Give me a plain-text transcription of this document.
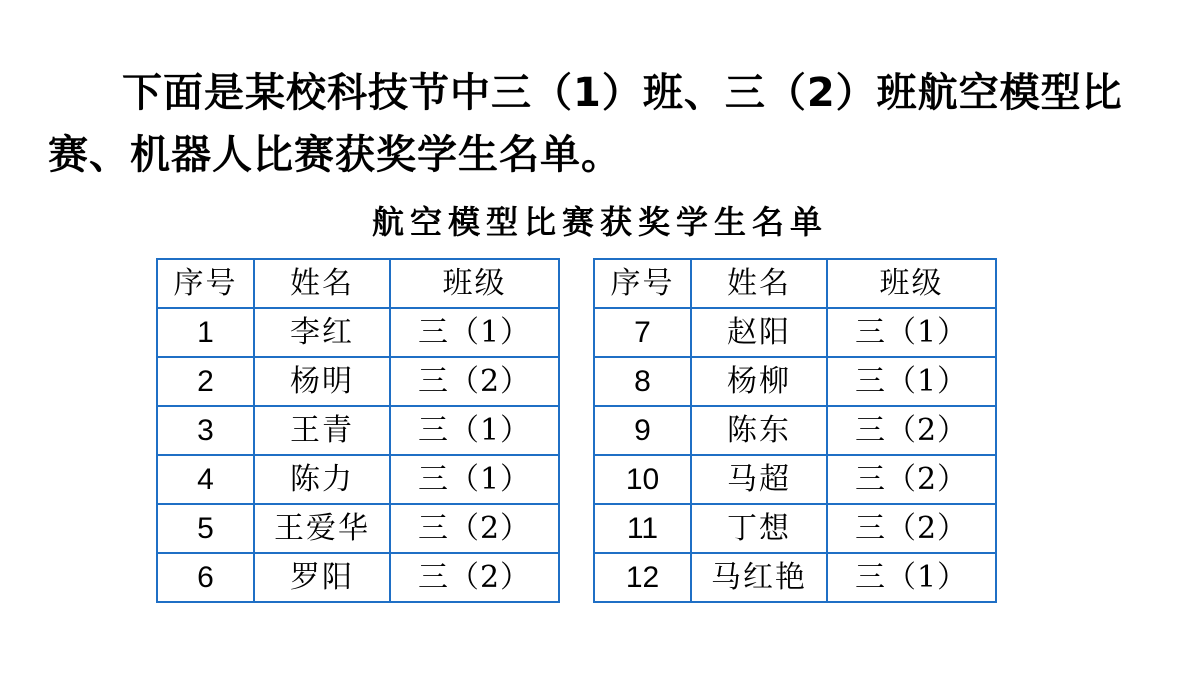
下面是某校科技节中三（1）班、三（2）班航空模型比赛、机器人比赛获奖学生名单。
航空模型比赛获奖学生名单
序号	姓名	班级
1	李红	三（1）
2	杨明	三（2）
3	王青	三（1）
4	陈力	三（1）
5	王爱华	三（2）
6	罗阳	三（2）
序号	姓名	班级
7	赵阳	三（1）
8	杨柳	三（1）
9	陈东	三（2）
10	马超	三（2）
11	丁想	三（2）
12	马红艳	三（1）
